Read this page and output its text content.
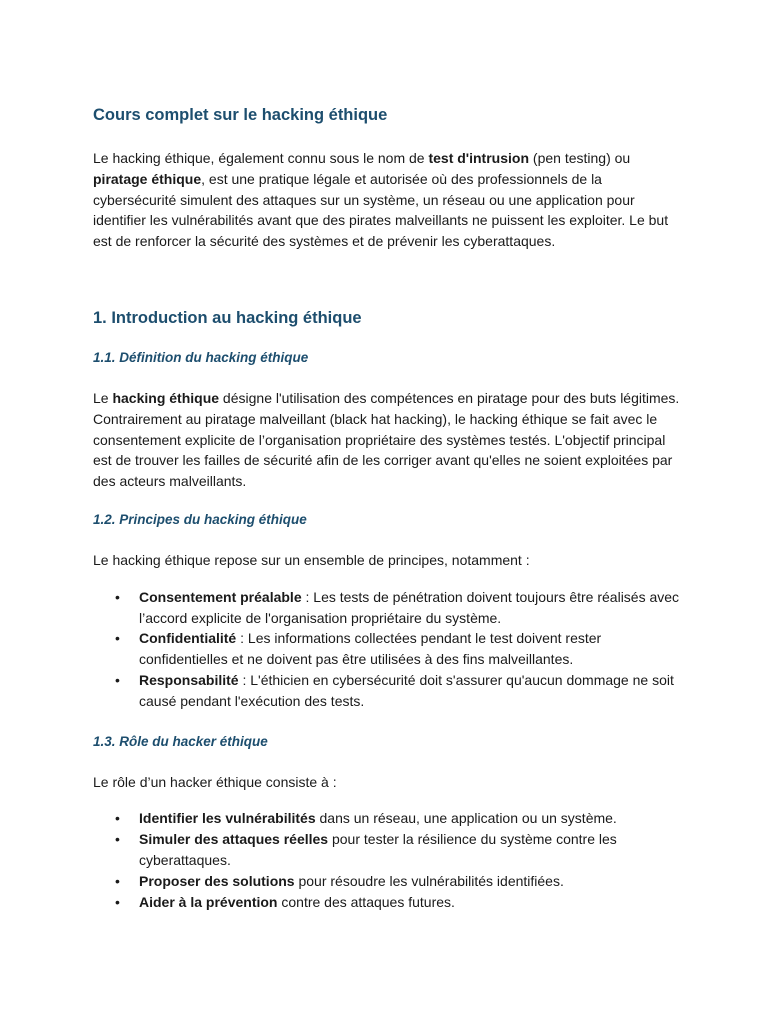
Cours complet sur le hacking éthique

Le hacking éthique, également connu sous le nom de test d'intrusion (pen testing) ou piratage éthique, est une pratique légale et autorisée où des professionnels de la cybersécurité simulent des attaques sur un système, un réseau ou une application pour identifier les vulnérabilités avant que des pirates malveillants ne puissent les exploiter. Le but est de renforcer la sécurité des systèmes et de prévenir les cyberattaques.

1. Introduction au hacking éthique
1.1. Définition du hacking éthique

Le hacking éthique désigne l'utilisation des compétences en piratage pour des buts légitimes. Contrairement au piratage malveillant (black hat hacking), le hacking éthique se fait avec le consentement explicite de l’organisation propriétaire des systèmes testés. L'objectif principal est de trouver les failles de sécurité afin de les corriger avant qu'elles ne soient exploitées par des acteurs malveillants.

1.2. Principes du hacking éthique

Le hacking éthique repose sur un ensemble de principes, notamment :

• Consentement préalable : Les tests de pénétration doivent toujours être réalisés avec l’accord explicite de l'organisation propriétaire du système.
• Confidentialité : Les informations collectées pendant le test doivent rester confidentielles et ne doivent pas être utilisées à des fins malveillantes.
• Responsabilité : L'éthicien en cybersécurité doit s'assurer qu'aucun dommage ne soit causé pendant l'exécution des tests.
1.3. Rôle du hacker éthique

Le rôle d’un hacker éthique consiste à :

• Identifier les vulnérabilités dans un réseau, une application ou un système.
• Simuler des attaques réelles pour tester la résilience du système contre les cyberattaques.
• Proposer des solutions pour résoudre les vulnérabilités identifiées.
• Aider à la prévention contre des attaques futures.
